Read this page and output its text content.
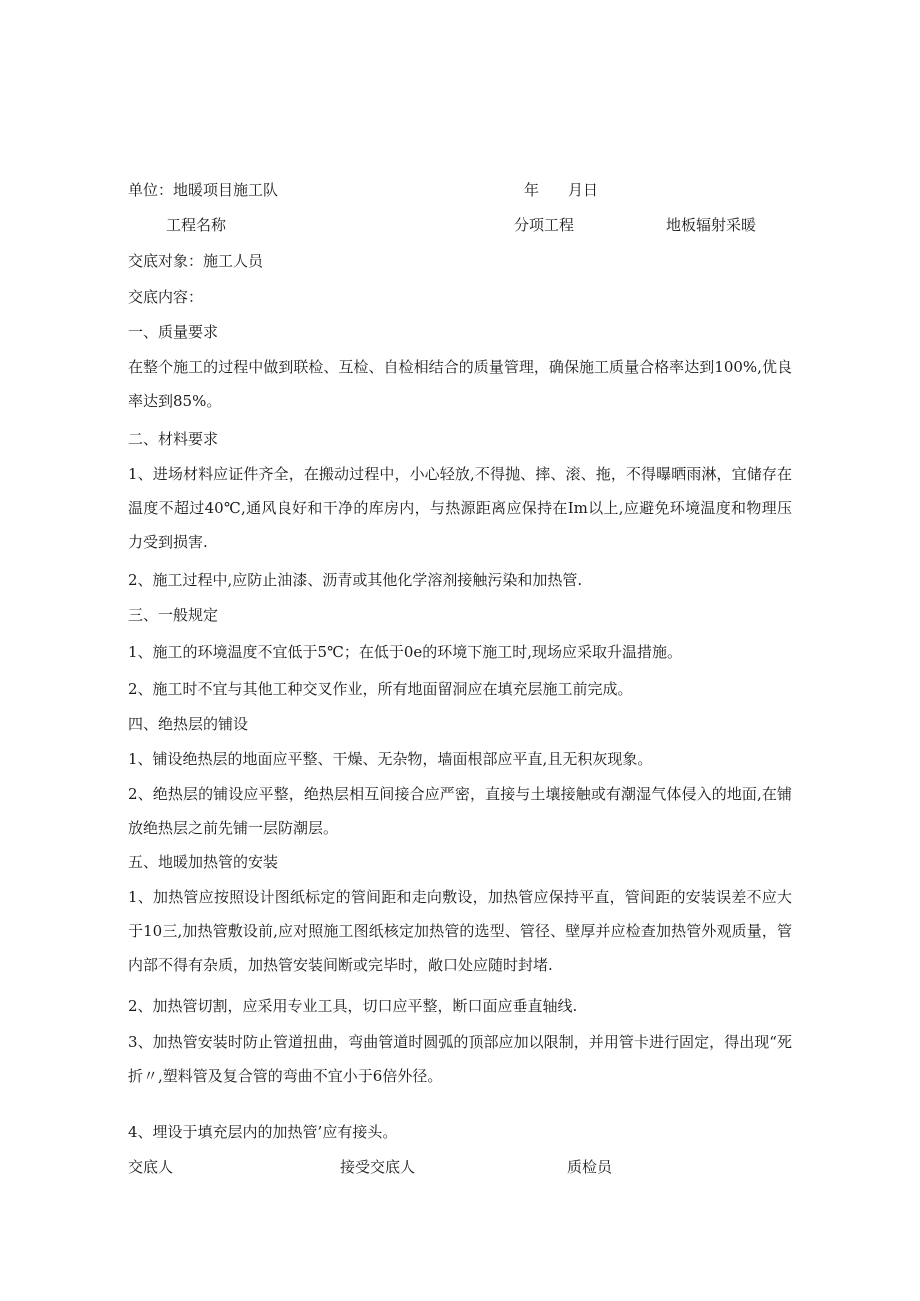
单位：地暖项目施工队	年 月日
工程名称	分项工程	地板辐射采暖
交底对象：施工人员
交底内容：
一、质量要求
在整个施工的过程中做到联检、互检、自检相结合的质量管理，确保施工质量合格率达到100%,优良率达到85%。
二、材料要求
1、进场材料应证件齐全，在搬动过程中，小心轻放,不得抛、摔、滚、拖，不得曝晒雨淋，宜储存在温度不超过40℃,通风良好和干净的库房内，与热源距离应保持在Im以上,应避免环境温度和物理压力受到损害.
2、施工过程中,应防止油漆、沥青或其他化学溶剂接触污染和加热管.
三、一般规定
1、施工的环境温度不宜低于5℃；在低于0e的环境下施工时,现场应采取升温措施。
2、施工时不宜与其他工种交叉作业，所有地面留洞应在填充层施工前完成。
四、绝热层的铺设
1、铺设绝热层的地面应平整、干燥、无杂物，墙面根部应平直,且无积灰现象。
2、绝热层的铺设应平整，绝热层相互间接合应严密，直接与土壤接触或有潮湿气体侵入的地面,在铺放绝热层之前先铺一层防潮层。
五、地暖加热管的安装
1、加热管应按照设计图纸标定的管间距和走向敷设，加热管应保持平直，管间距的安装误差不应大于10三,加热管敷设前,应对照施工图纸核定加热管的选型、管径、壁厚并应检查加热管外观质量，管内部不得有杂质，加热管安装间断或完毕时，敞口处应随时封堵.
2、加热管切割，应采用专业工具，切口应平整，断口面应垂直轴线.
3、加热管安装时防止管道扭曲，弯曲管道时圆弧的顶部应加以限制，并用管卡进行固定，得出现“死折〃,塑料管及复合管的弯曲不宜小于6倍外径。
4、埋设于填充层内的加热管’应有接头。
交底人	接受交底人	质检员
